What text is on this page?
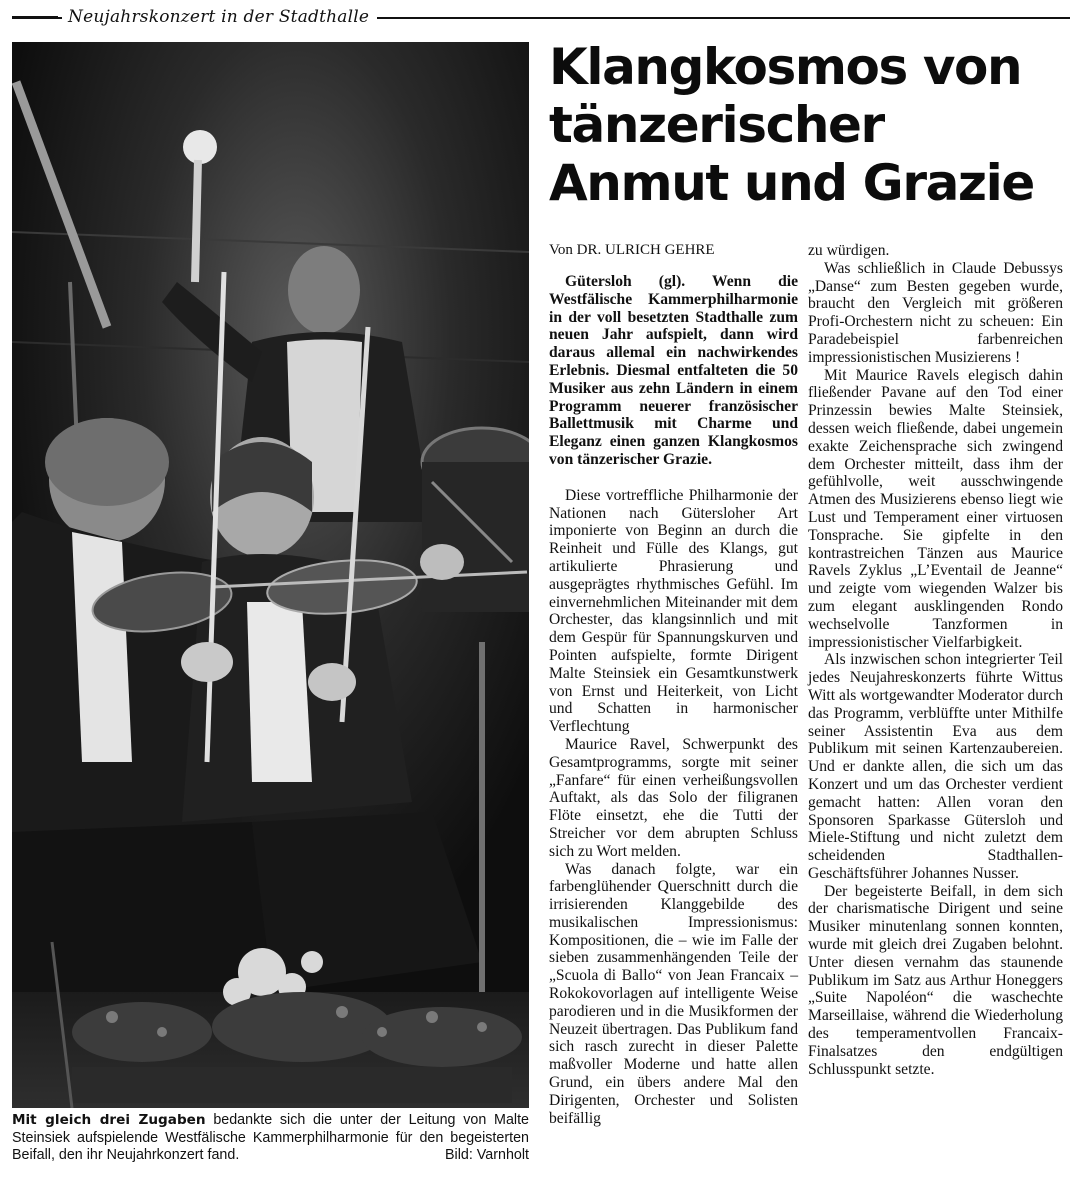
Neujahrskonzert in der Stadthalle
Mit gleich drei Zugaben bedankte sich die unter der Leitung von Malte Steinsiek aufspielende Westfälische Kammerphilharmonie für den begeisterten Beifall, den ihr Neujahrkonzert fand.	Bild: Varnholt
Klangkosmos von
tänzerischer
Anmut und Grazie
Von DR. ULRICH GEHRE

Gütersloh (gl). Wenn die Westfälische Kammerphilharmonie in der voll besetzten Stadthalle zum neuen Jahr aufspielt, dann wird daraus allemal ein nachwirkendes Erlebnis. Diesmal entfalteten die 50 Musiker aus zehn Ländern in einem Programm neuerer französischer Ballettmusik mit Charme und Eleganz einen ganzen Klangkosmos von tänzerischer Grazie.

Diese vortreffliche Philharmonie der Nationen nach Gütersloher Art imponierte von Beginn an durch die Reinheit und Fülle des Klangs, gut artikulierte Phrasierung und ausgeprägtes rhythmisches Gefühl. Im einvernehmlichen Miteinander mit dem Orchester, das klangsinnlich und mit dem Gespür für Spannungskurven und Pointen aufspielte, formte Dirigent Malte Steinsiek ein Gesamtkunstwerk von Ernst und Heiterkeit, von Licht und Schatten in harmonischer Verflechtung

Maurice Ravel, Schwerpunkt des Gesamtprogramms, sorgte mit seiner „Fanfare“ für einen verheißungsvollen Auftakt, als das Solo der filigranen Flöte einsetzt, ehe die Tutti der Streicher vor dem abrupten Schluss sich zu Wort melden.

Was danach folgte, war ein farbenglühender Querschnitt durch die irrisierenden Klanggebilde des musikalischen Impressionismus: Kompositionen, die – wie im Falle der sieben zusammenhängenden Teile der „Scuola di Ballo“ von Jean Francaix – Rokokovorlagen auf intelligente Weise parodieren und in die Musikformen der Neuzeit übertragen. Das Publikum fand sich rasch zurecht in dieser Palette maßvoller Moderne und hatte allen Grund, ein übers andere Mal den Dirigenten, Orchester und Solisten beifällig

zu würdigen.

Was schließlich in Claude Debussys „Danse“ zum Besten gegeben wurde, braucht den Vergleich mit größeren Profi-Orchestern nicht zu scheuen: Ein Paradebeispiel farbenreichen impressionistischen Musizierens !

Mit Maurice Ravels elegisch dahin fließender Pavane auf den Tod einer Prinzessin bewies Malte Steinsiek, dessen weich fließende, dabei ungemein exakte Zeichensprache sich zwingend dem Orchester mitteilt, dass ihm der gefühlvolle, weit ausschwingende Atmen des Musizierens ebenso liegt wie Lust und Temperament einer virtuosen Tonsprache. Sie gipfelte in den kontrastreichen Tänzen aus Maurice Ravels Zyklus „L’Eventail de Jeanne“ und zeigte vom wiegenden Walzer bis zum elegant ausklingenden Rondo wechselvolle Tanzformen in impressionistischer Vielfarbigkeit.

Als inzwischen schon integrierter Teil jedes Neujahreskonzerts führte Wittus Witt als wortgewandter Moderator durch das Programm, verblüffte unter Mithilfe seiner Assistentin Eva aus dem Publikum mit seinen Kartenzaubereien. Und er dankte allen, die sich um das Konzert und um das Orchester verdient gemacht hatten: Allen voran den Sponsoren Sparkasse Gütersloh und Miele-Stiftung und nicht zuletzt dem scheidenden Stadthallen-Geschäftsführer Johannes Nusser.

Der begeisterte Beifall, in dem sich der charismatische Dirigent und seine Musiker minutenlang sonnen konnten, wurde mit gleich drei Zugaben belohnt. Unter diesen vernahm das staunende Publikum im Satz aus Arthur Honeggers „Suite Napoléon“ die waschechte Marseillaise, während die Wiederholung des temperamentvollen Francaix-Finalsatzes den endgültigen Schlusspunkt setzte.
